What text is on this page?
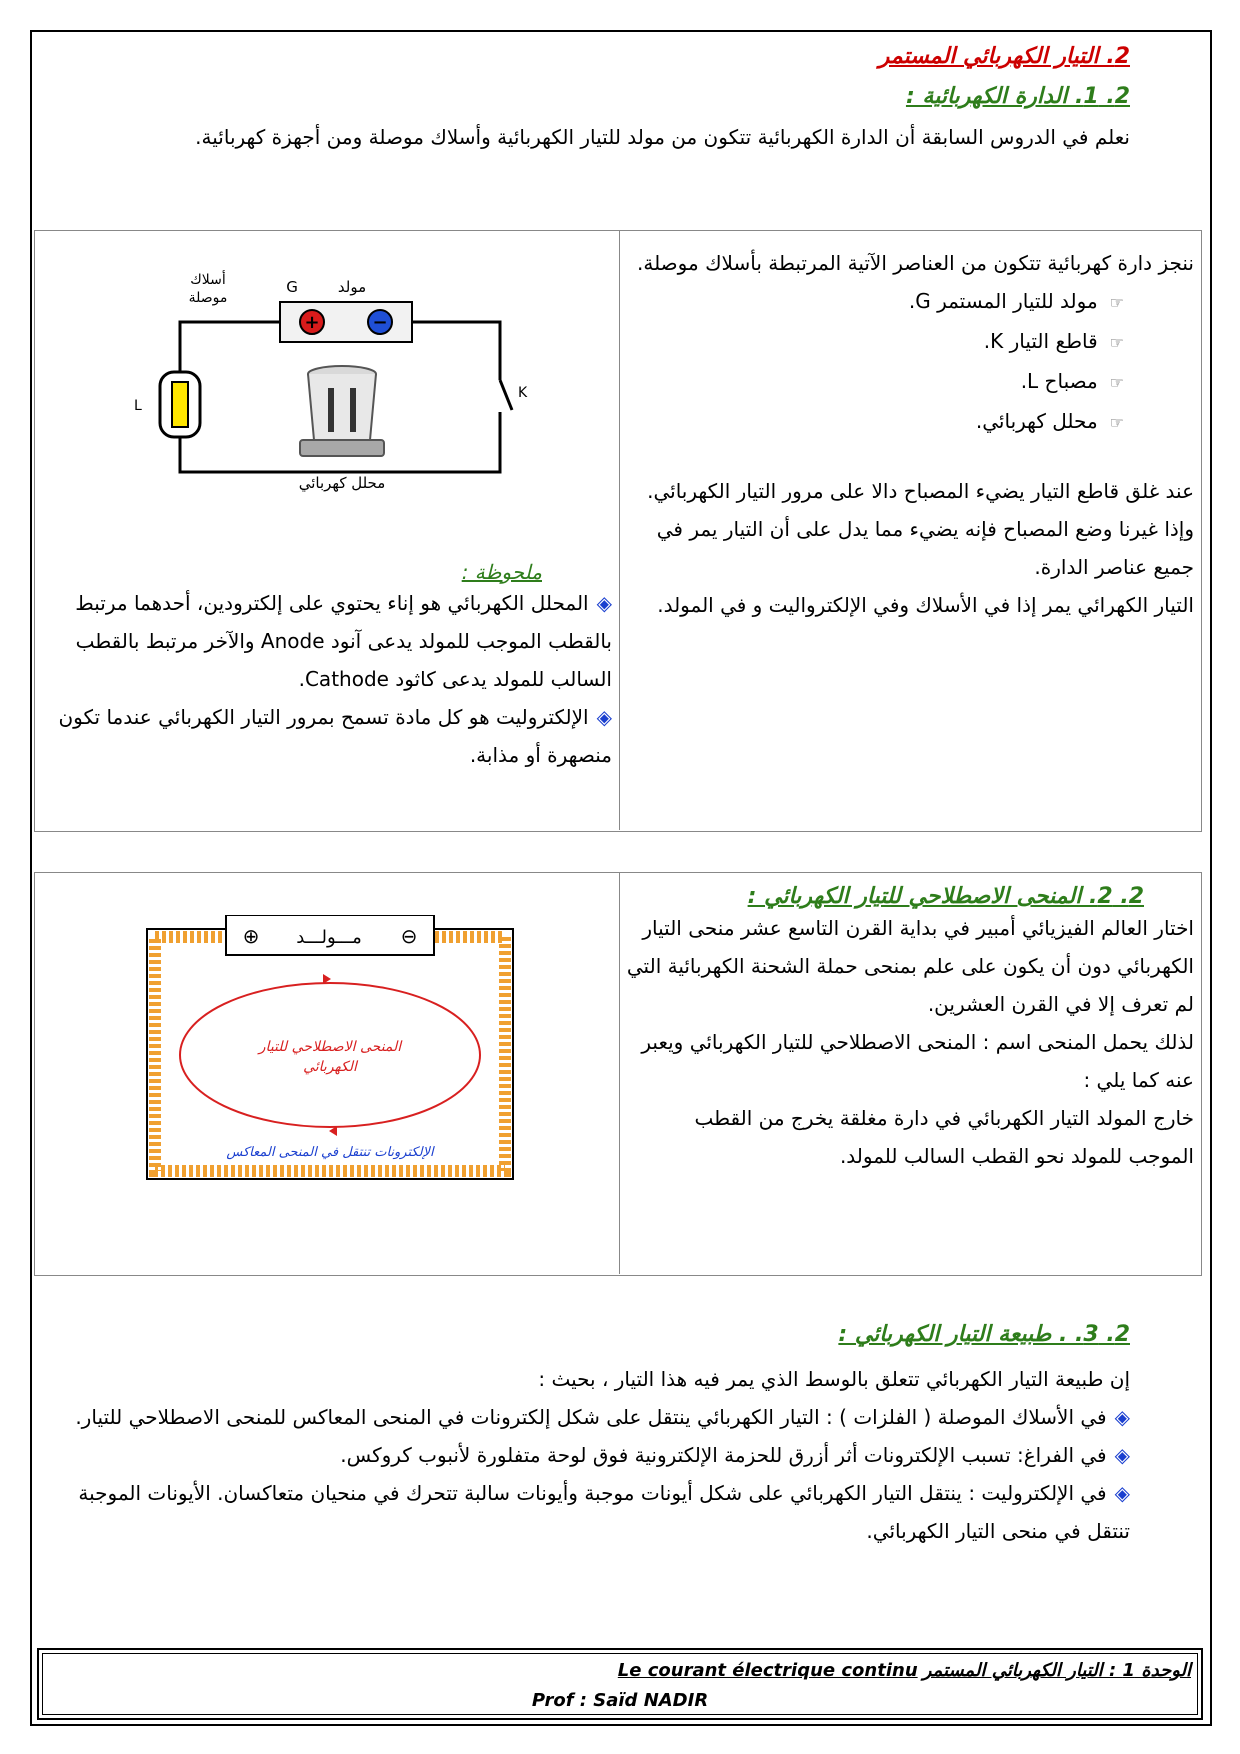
2. التيار الكهربائي المستمر
2. 1. الدارة الكهربائية :
نعلم في الدروس السابقة أن الدارة الكهربائية تتكون من مولد للتيار الكهربائية وأسلاك موصلة ومن أجهزة كهربائية.
ننجز دارة كهربائية تتكون من العناصر الآتية المرتبطة بأسلاك موصلة.
☞مولد للتيار المستمر G.
☞قاطع التيار K.
☞مصباح L.
☞محلل كهربائي.
عند غلق قاطع التيار يضيء المصباح دالا على مرور التيار الكهربائي. وإذا غيرنا وضع المصباح فإنه يضيء مما يدل على أن التيار يمر في جميع عناصر الدارة.
التيار الكهرائي يمر إذا في الأسلاك وفي الإلكترواليت و في المولد.
K
+	−
مولد
G
أسلاك
موصلة
L
محلل كهربائي
ملحوظة :
◈المحلل الكهربائي هو إناء يحتوي على إلكترودين، أحدهما مرتبط بالقطب الموجب للمولد يدعى آنود Anode والآخر مرتبط بالقطب السالب للمولد يدعى كاثود Cathode.
◈الإلكتروليت هو كل مادة تسمح بمرور التيار الكهربائي عندما تكون منصهرة أو مذابة.
2. 2. المنحى الاصطلاحي للتيار الكهربائي :
اختار العالم الفيزيائي أمبير في بداية القرن التاسع عشر منحى التيار الكهربائي دون أن يكون على علم بمنحى حملة الشحنة الكهربائية التي لم تعرف إلا في القرن العشرين.
لذلك يحمل المنحى اسم : المنحى الاصطلاحي للتيار الكهربائي ويعبر عنه كما يلي :
خارج المولد التيار الكهربائي في دارة مغلقة يخرج من القطب الموجب للمولد نحو القطب السالب للمولد.
⊕	⊖
مـــولـــد
المنحى الاصطلاحي للتيار
الكهربائي
الإلكترونات تنتقل في المنحى المعاكس
2. 3. . طبيعة التيار الكهربائي :
إن طبيعة التيار الكهربائي تتعلق بالوسط الذي يمر فيه هذا التيار ، بحيث :
◈في الأسلاك الموصلة ( الفلزات ) : التيار الكهربائي ينتقل على شكل إلكترونات في المنحى المعاكس للمنحى الاصطلاحي للتيار.
◈في الفراغ: تسبب الإلكترونات أثر أزرق للحزمة الإلكترونية فوق لوحة متفلورة لأنبوب كروكس.
◈في الإلكتروليت : ينتقل التيار الكهربائي على شكل أيونات موجبة وأيونات سالبة تتحرك في منحيان متعاكسان. الأيونات الموجبة تنتقل في منحى التيار الكهربائي.
الوحدة 1 : التيار الكهربائي المستمر Le courant électrique continu
Prof : Saïd NADIR
